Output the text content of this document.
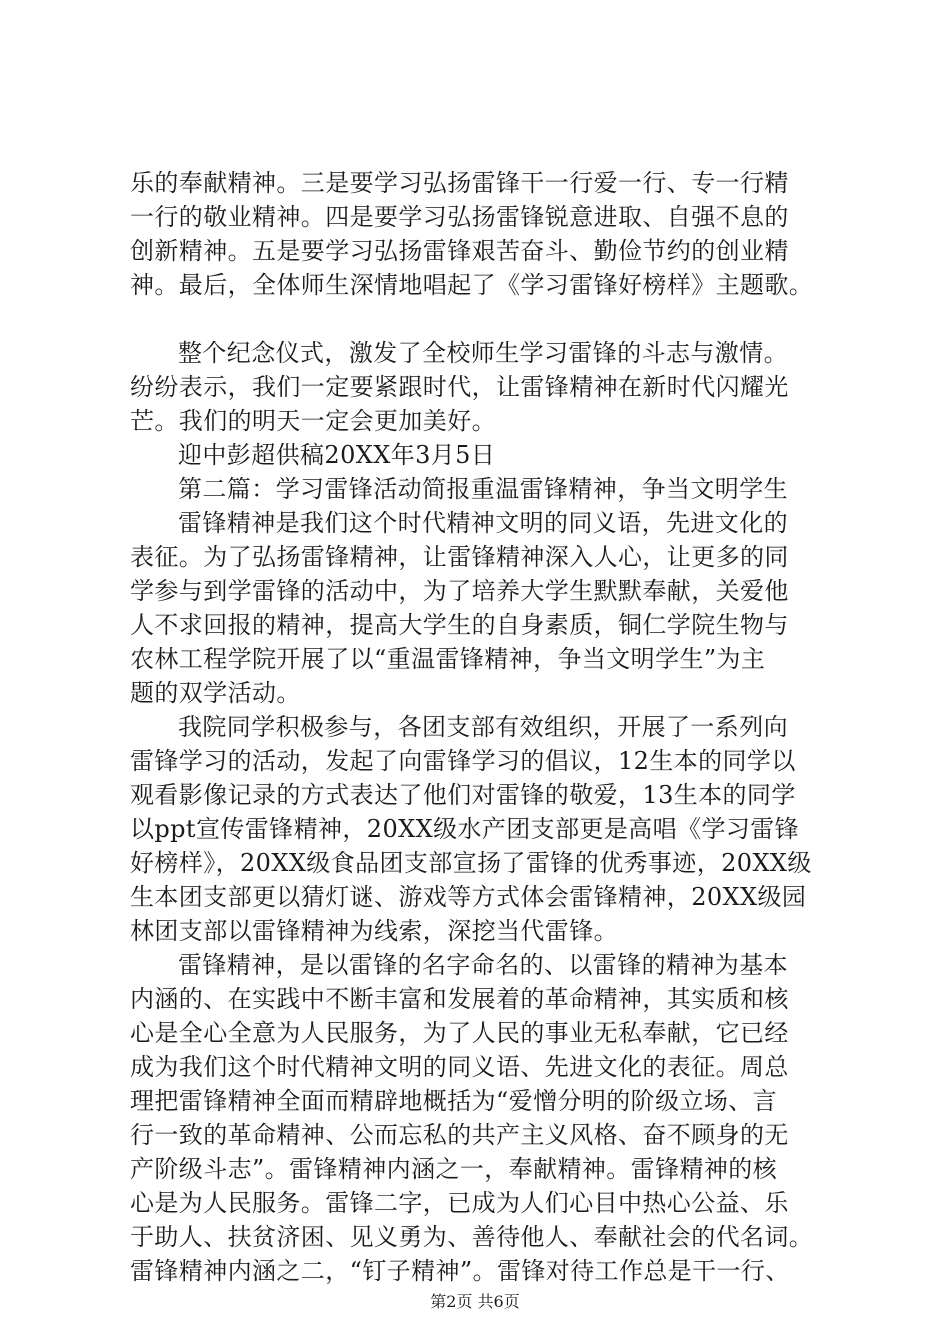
乐的奉献精神。三是要学习弘扬雷锋干一行爱一行、专一行精
一行的敬业精神。四是要学习弘扬雷锋锐意进取、自强不息的
创新精神。五是要学习弘扬雷锋艰苦奋斗、勤俭节约的创业精
神。最后，全体师生深情地唱起了《学习雷锋好榜样》主题歌。
整个纪念仪式，激发了全校师生学习雷锋的斗志与激情。
纷纷表示，我们一定要紧跟时代，让雷锋精神在新时代闪耀光
芒。我们的明天一定会更加美好。
迎中彭超供稿20XX年3月5日
第二篇：学习雷锋活动简报重温雷锋精神，争当文明学生
雷锋精神是我们这个时代精神文明的同义语，先进文化的
表征。为了弘扬雷锋精神，让雷锋精神深入人心，让更多的同
学参与到学雷锋的活动中，为了培养大学生默默奉献，关爱他
人不求回报的精神，提高大学生的自身素质，铜仁学院生物与
农林工程学院开展了以“重温雷锋精神，争当文明学生”为主
题的双学活动。
我院同学积极参与，各团支部有效组织，开展了一系列向
雷锋学习的活动，发起了向雷锋学习的倡议，12生本的同学以
观看影像记录的方式表达了他们对雷锋的敬爱，13生本的同学
以ppt宣传雷锋精神，20XX级水产团支部更是高唱《学习雷锋
好榜样》，20XX级食品团支部宣扬了雷锋的优秀事迹，20XX级
生本团支部更以猜灯谜、游戏等方式体会雷锋精神，20XX级园
林团支部以雷锋精神为线索，深挖当代雷锋。
雷锋精神，是以雷锋的名字命名的、以雷锋的精神为基本
内涵的、在实践中不断丰富和发展着的革命精神，其实质和核
心是全心全意为人民服务，为了人民的事业无私奉献，它已经
成为我们这个时代精神文明的同义语、先进文化的表征。周总
理把雷锋精神全面而精辟地概括为“爱憎分明的阶级立场、言
行一致的革命精神、公而忘私的共产主义风格、奋不顾身的无
产阶级斗志”。雷锋精神内涵之一，奉献精神。雷锋精神的核
心是为人民服务。雷锋二字，已成为人们心目中热心公益、乐
于助人、扶贫济困、见义勇为、善待他人、奉献社会的代名词。
雷锋精神内涵之二，“钉子精神”。雷锋对待工作总是干一行、
第2页 共6页
